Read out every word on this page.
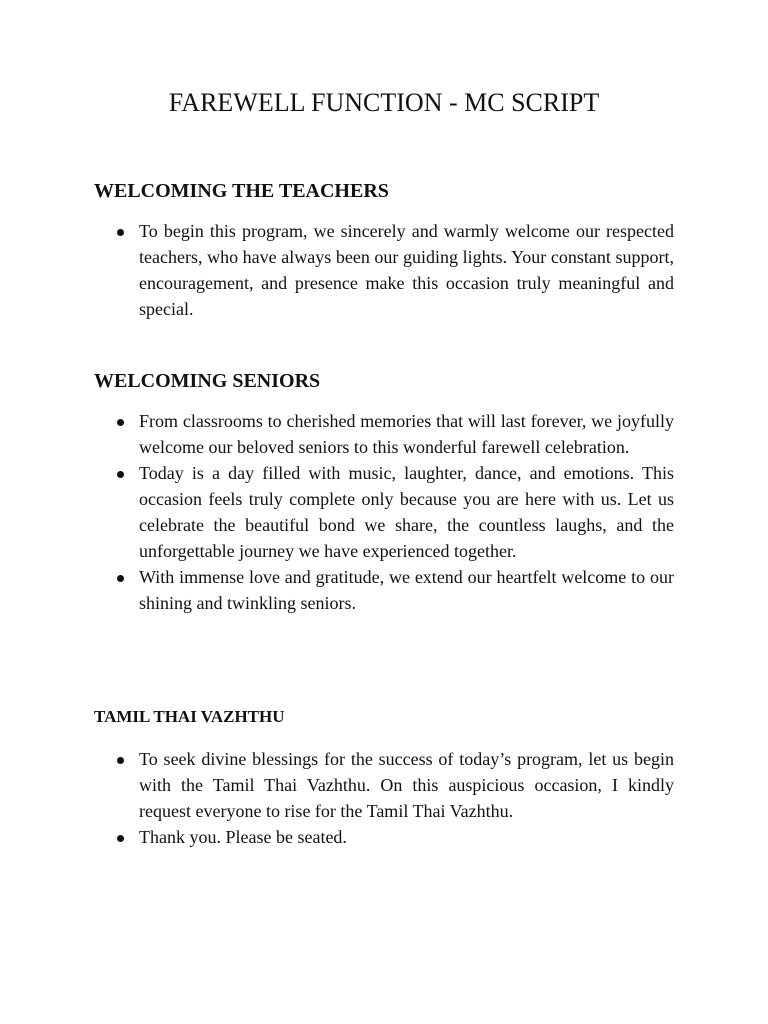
FAREWELL FUNCTION - MC SCRIPT
WELCOMING THE TEACHERS
To begin this program, we sincerely and warmly welcome our respected teachers, who have always been our guiding lights. Your constant support, encouragement, and presence make this occasion truly meaningful and special.
WELCOMING SENIORS
From classrooms to cherished memories that will last forever, we joyfully welcome our beloved seniors to this wonderful farewell celebration.
Today is a day filled with music, laughter, dance, and emotions. This occasion feels truly complete only because you are here with us. Let us celebrate the beautiful bond we share, the countless laughs, and the unforgettable journey we have experienced together.
With immense love and gratitude, we extend our heartfelt welcome to our shining and twinkling seniors.
TAMIL THAI VAZHTHU
To seek divine blessings for the success of today’s program, let us begin with the Tamil Thai Vazhthu. On this auspicious occasion, I kindly request everyone to rise for the Tamil Thai Vazhthu.
Thank you. Please be seated.
